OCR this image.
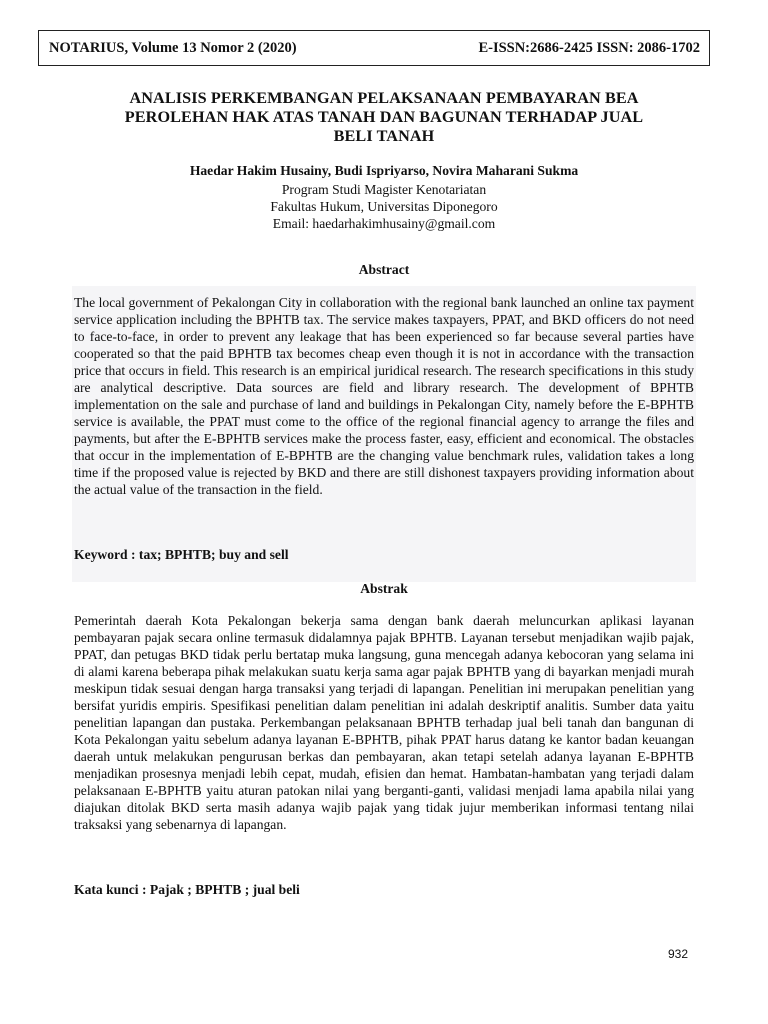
NOTARIUS, Volume 13 Nomor 2 (2020)	E-ISSN:2686-2425 ISSN: 2086-1702
ANALISIS PERKEMBANGAN PELAKSANAAN PEMBAYARAN BEA
PEROLEHAN HAK ATAS TANAH DAN BAGUNAN TERHADAP JUAL
BELI TANAH
Haedar Hakim Husainy, Budi Ispriyarso, Novira Maharani Sukma
Program Studi Magister Kenotariatan
Fakultas Hukum, Universitas Diponegoro
Email: haedarhakimhusainy@gmail.com
Abstract
The local government of Pekalongan City in collaboration with the regional bank launched an online tax payment service application including the BPHTB tax. The service makes taxpayers, PPAT, and BKD officers do not need to face-to-face, in order to prevent any leakage that has been experienced so far because several parties have cooperated so that the paid BPHTB tax becomes cheap even though it is not in accordance with the transaction price that occurs in field. This research is an empirical juridical research. The research specifications in this study are analytical descriptive. Data sources are field and library research. The development of BPHTB implementation on the sale and purchase of land and buildings in Pekalongan City, namely before the E-BPHTB service is available, the PPAT must come to the office of the regional financial agency to arrange the files and payments, but after the E-BPHTB services make the process faster, easy, efficient and economical. The obstacles that occur in the implementation of E-BPHTB are the changing value benchmark rules, validation takes a long time if the proposed value is rejected by BKD and there are still dishonest taxpayers providing information about the actual value of the transaction in the field.
Keyword : tax; BPHTB; buy and sell
Abstrak
Pemerintah daerah Kota Pekalongan bekerja sama dengan bank daerah meluncurkan aplikasi layanan pembayaran pajak secara online termasuk didalamnya pajak BPHTB. Layanan tersebut menjadikan wajib pajak, PPAT, dan petugas BKD tidak perlu bertatap muka langsung, guna mencegah adanya kebocoran yang selama ini di alami karena beberapa pihak melakukan suatu kerja sama agar pajak BPHTB yang di bayarkan menjadi murah meskipun tidak sesuai dengan harga transaksi yang terjadi di lapangan. Penelitian ini merupakan penelitian yang bersifat yuridis empiris. Spesifikasi penelitian dalam penelitian ini adalah deskriptif analitis. Sumber data yaitu penelitian lapangan dan pustaka. Perkembangan pelaksanaan BPHTB terhadap jual beli tanah dan bangunan di Kota Pekalongan yaitu sebelum adanya layanan E-BPHTB, pihak PPAT harus datang ke kantor badan keuangan daerah untuk melakukan pengurusan berkas dan pembayaran, akan tetapi setelah adanya layanan E-BPHTB menjadikan prosesnya menjadi lebih cepat, mudah, efisien dan hemat. Hambatan-hambatan yang terjadi dalam pelaksanaan E-BPHTB yaitu aturan patokan nilai yang berganti-ganti, validasi menjadi lama apabila nilai yang diajukan ditolak BKD serta masih adanya wajib pajak yang tidak jujur memberikan informasi tentang nilai traksaksi yang sebenarnya di lapangan.
Kata kunci : Pajak ; BPHTB ; jual beli
932
